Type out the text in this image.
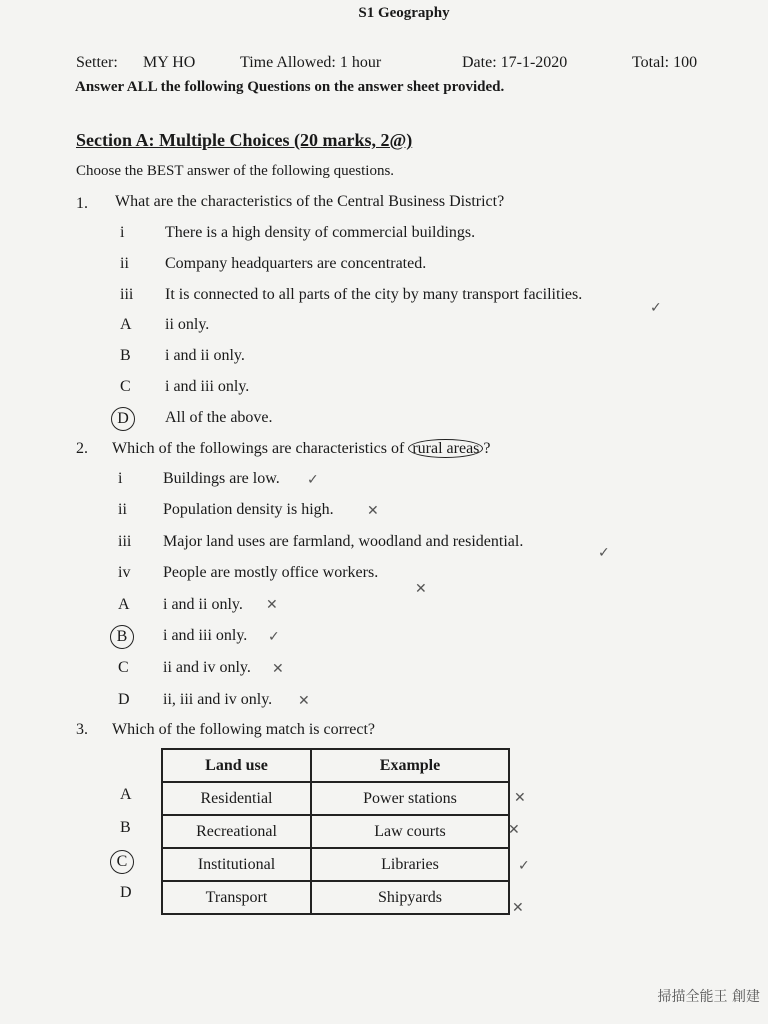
S1 Geography
Setter: MY HO	Time Allowed: 1 hour	Date: 17-1-2020	Total: 100
Answer ALL the following Questions on the answer sheet provided.
Section A: Multiple Choices (20 marks, 2@)
Choose the BEST answer of the following questions.
1. What are the characteristics of the Central Business District?
i	There is a high density of commercial buildings.
ii Company headquarters are concentrated.
iii It is connected to all parts of the city by many transport facilities.
✓
A ii only.
B i and ii only.
C i and iii only.
D	All of the above.
2. Which of the followings are characteristics of rural areas ?
i	Buildings are low. ✓
ii Population density is high. ✕
iii Major land uses are farmland, woodland and residential.
✓
iv People are mostly office workers.
✕
A i and ii only. ✕
B	i and iii only. ✓
C ii and iv only. ✕
D ii, iii and iv only. ✕
3. Which of the following match is correct?
Land use	Example
Residential	Power stations
Recreational	Law courts
Institutional	Libraries
Transport	Shipyards
A
B
C
D
✕
✕
✓
✕
掃描全能王 創建
